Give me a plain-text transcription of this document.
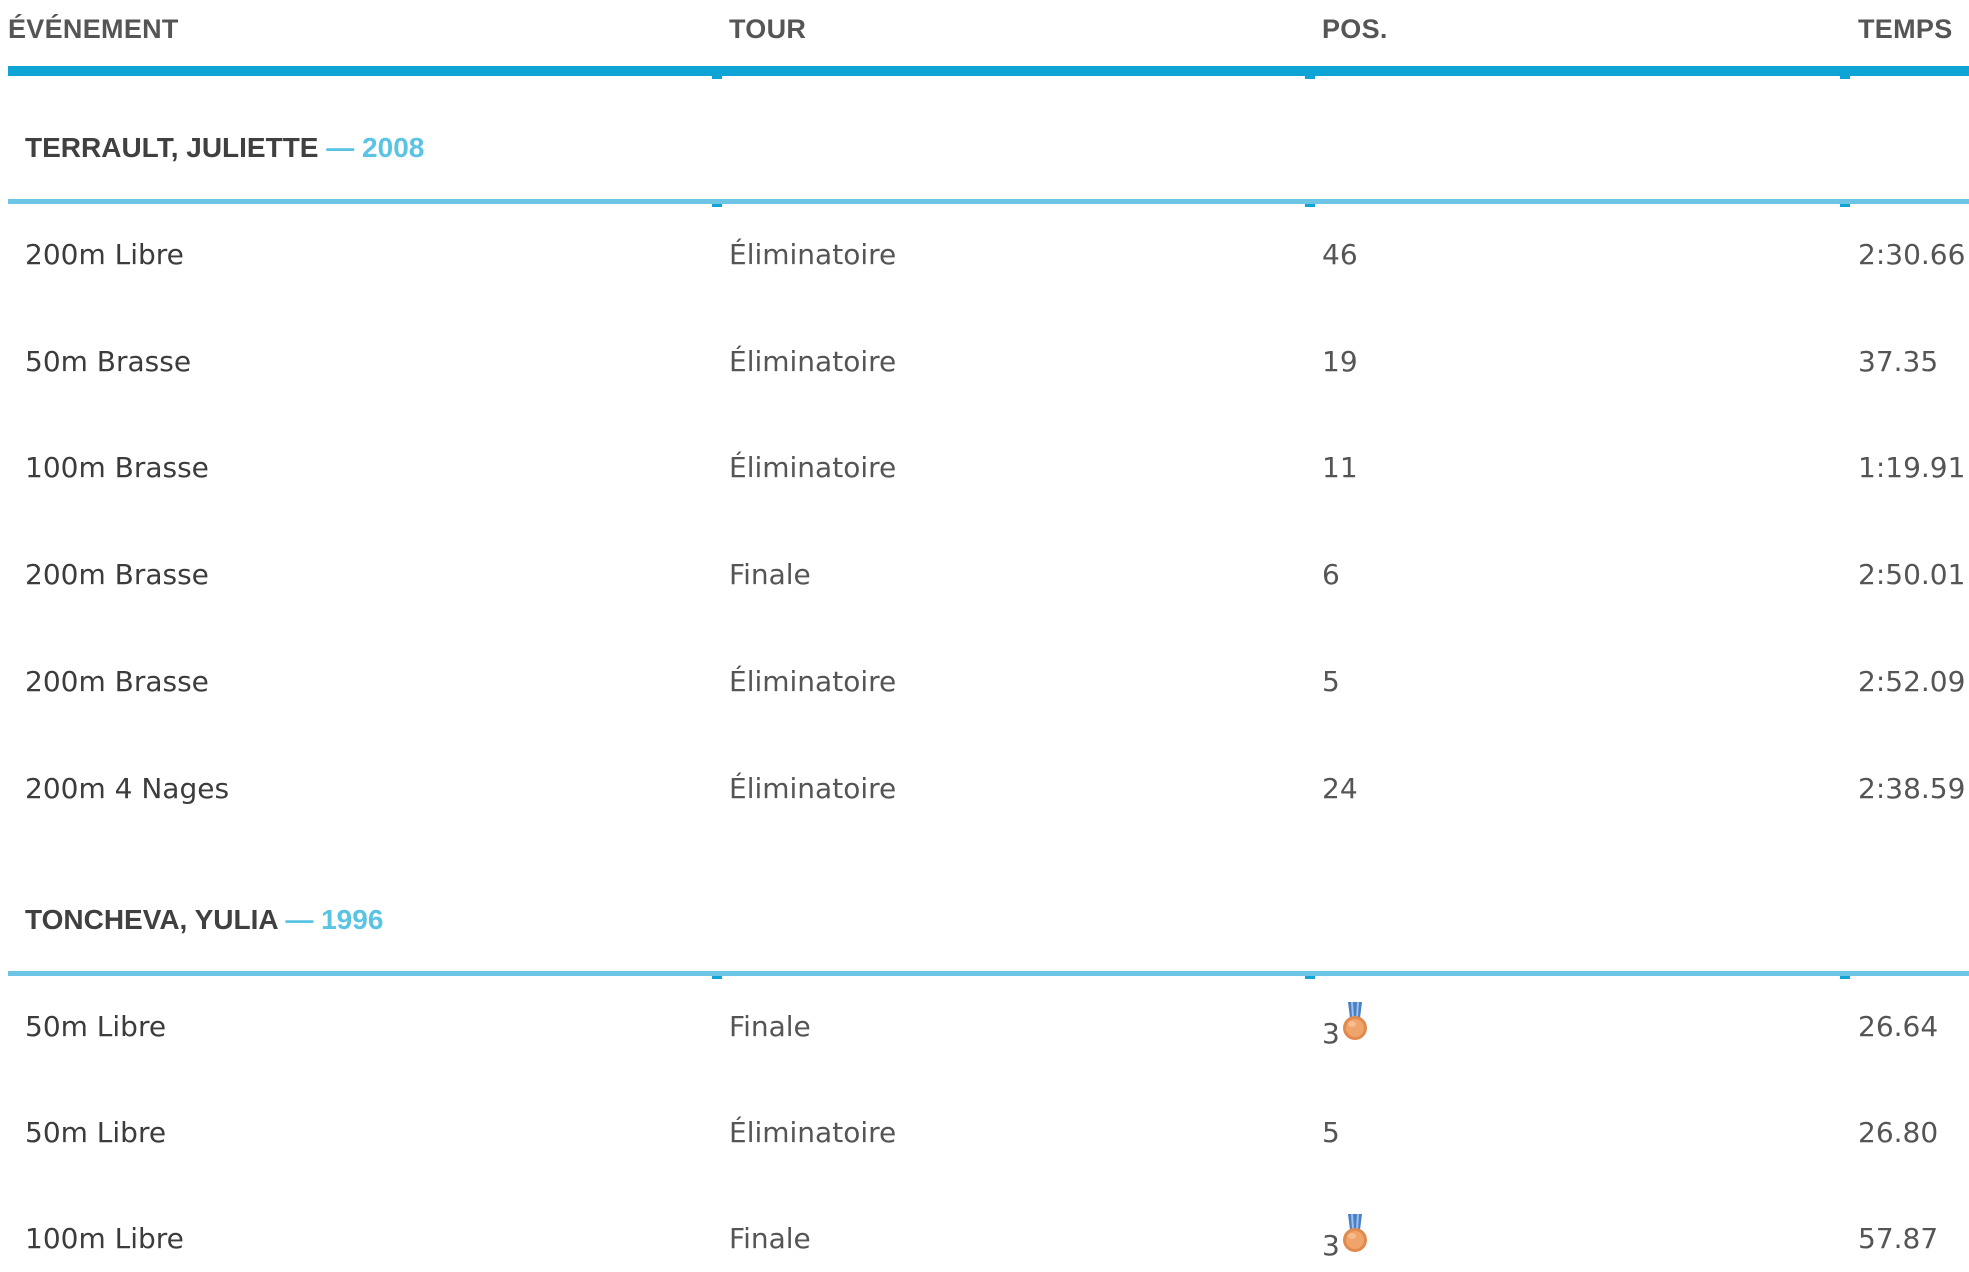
ÉVÉNEMENT	TOUR	POS.	TEMPS
TERRAULT, JULIETTE — 2008
200m Libre	Éliminatoire	46	2:30.66
50m Brasse	Éliminatoire	19	37.35
100m Brasse	Éliminatoire	11	1:19.91
200m Brasse	Finale	6	2:50.01
200m Brasse	Éliminatoire	5	2:52.09
200m 4 Nages	Éliminatoire	24	2:38.59
TONCHEVA, YULIA — 1996
50m Libre	Finale	3	26.64
50m Libre	Éliminatoire	5	26.80
100m Libre	Finale	3	57.87
